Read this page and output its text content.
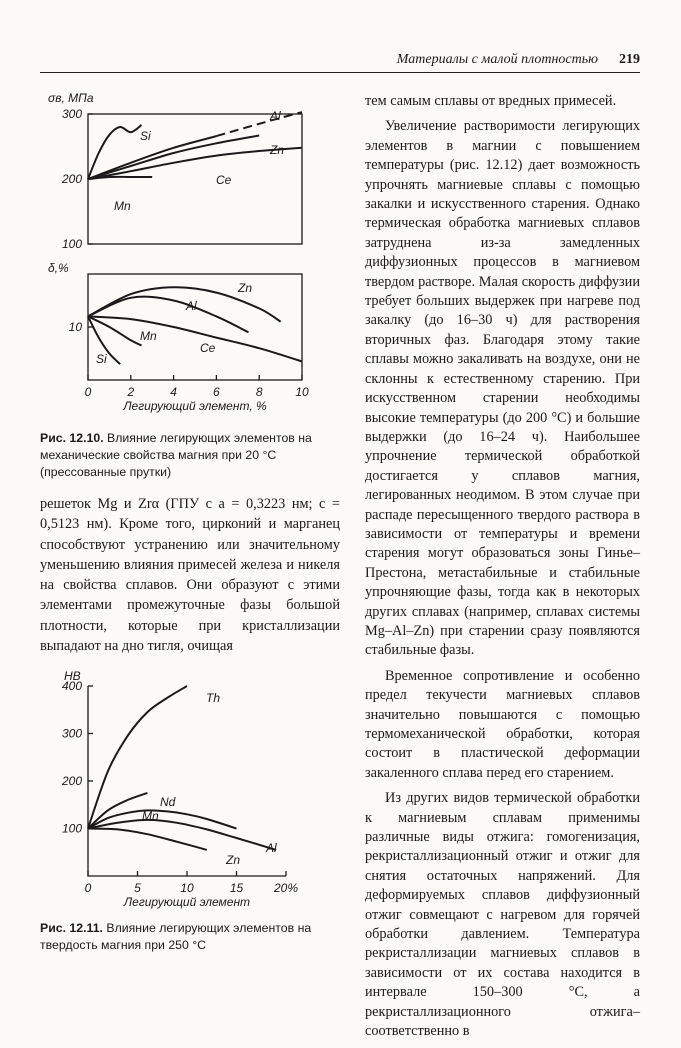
Материалы с малой плотностью 219
σв, МПа
100
200
300
Si
Al
Zn
Ce
Mn
δ,%
10
0	2	4	6	8	10
Легирующий элемент, %
Zn
Al
Ce
Mn
Si
Рис. 12.10. Влияние легирующих элементов на механические свойства магния при 20 °С (прессованные прутки)

решеток Mg и Zrα (ГПУ с a = 0,3223 нм; c = 0,5123 нм). Кроме того, цирконий и марганец способствуют устранению или значительному уменьшению влияния примесей железа и никеля на свойства сплавов. Они образуют с этими элементами промежуточные фазы большой плотности, которые при кристаллизации выпадают на дно тигля, очищая

HB
100
200
300
400
0	5	10	15	20%
Легирующий элемент
Th
Nd
Mn
Al
Zn
Рис. 12.11. Влияние легирующих элементов на твердость магния при 250 °С

тем самым сплавы от вредных примесей.

Увеличение растворимости легирующих элементов в магнии с повышением температуры (рис. 12.12) дает возможность упрочнять магниевые сплавы с помощью закалки и искусственного старения. Однако термическая обработка магниевых сплавов затруднена из-за замедленных диффузионных процессов в магниевом твердом растворе. Малая скорость диффузии требует больших выдержек при нагреве под закалку (до 16–30 ч) для растворения вторичных фаз. Благодаря этому такие сплавы можно закаливать на воздухе, они не склонны к естественному старению. При искусственном старении необходимы высокие температуры (до 200 °С) и большие выдержки (до 16–24 ч). Наибольшее упрочнение термической обработкой достигается у сплавов магния, легированных неодимом. В этом случае при распаде пересыщенного твердого раствора в зависимости от температуры и времени старения могут образоваться зоны Гинье–Престона, метастабильные и стабильные упрочняющие фазы, тогда как в некоторых других сплавах (например, сплавах системы Mg–Al–Zn) при старении сразу появляются стабильные фазы.

Временное сопротивление и особенно предел текучести магниевых сплавов значительно повышаются с помощью термомеханической обработки, которая состоит в пластической деформации закаленного сплава перед его старением.

Из других видов термической обработки к магниевым сплавам применимы различные виды отжига: гомогенизация, рекристаллизационный отжиг и отжиг для снятия остаточных напряжений. Для деформируемых сплавов диффузионный отжиг совмещают с нагревом для горячей обработки давлением. Температура рекристаллизации магниевых сплавов в зависимости от их состава находится в интервале 150–300 °С, а рекристаллизационного отжига–соответственно в
